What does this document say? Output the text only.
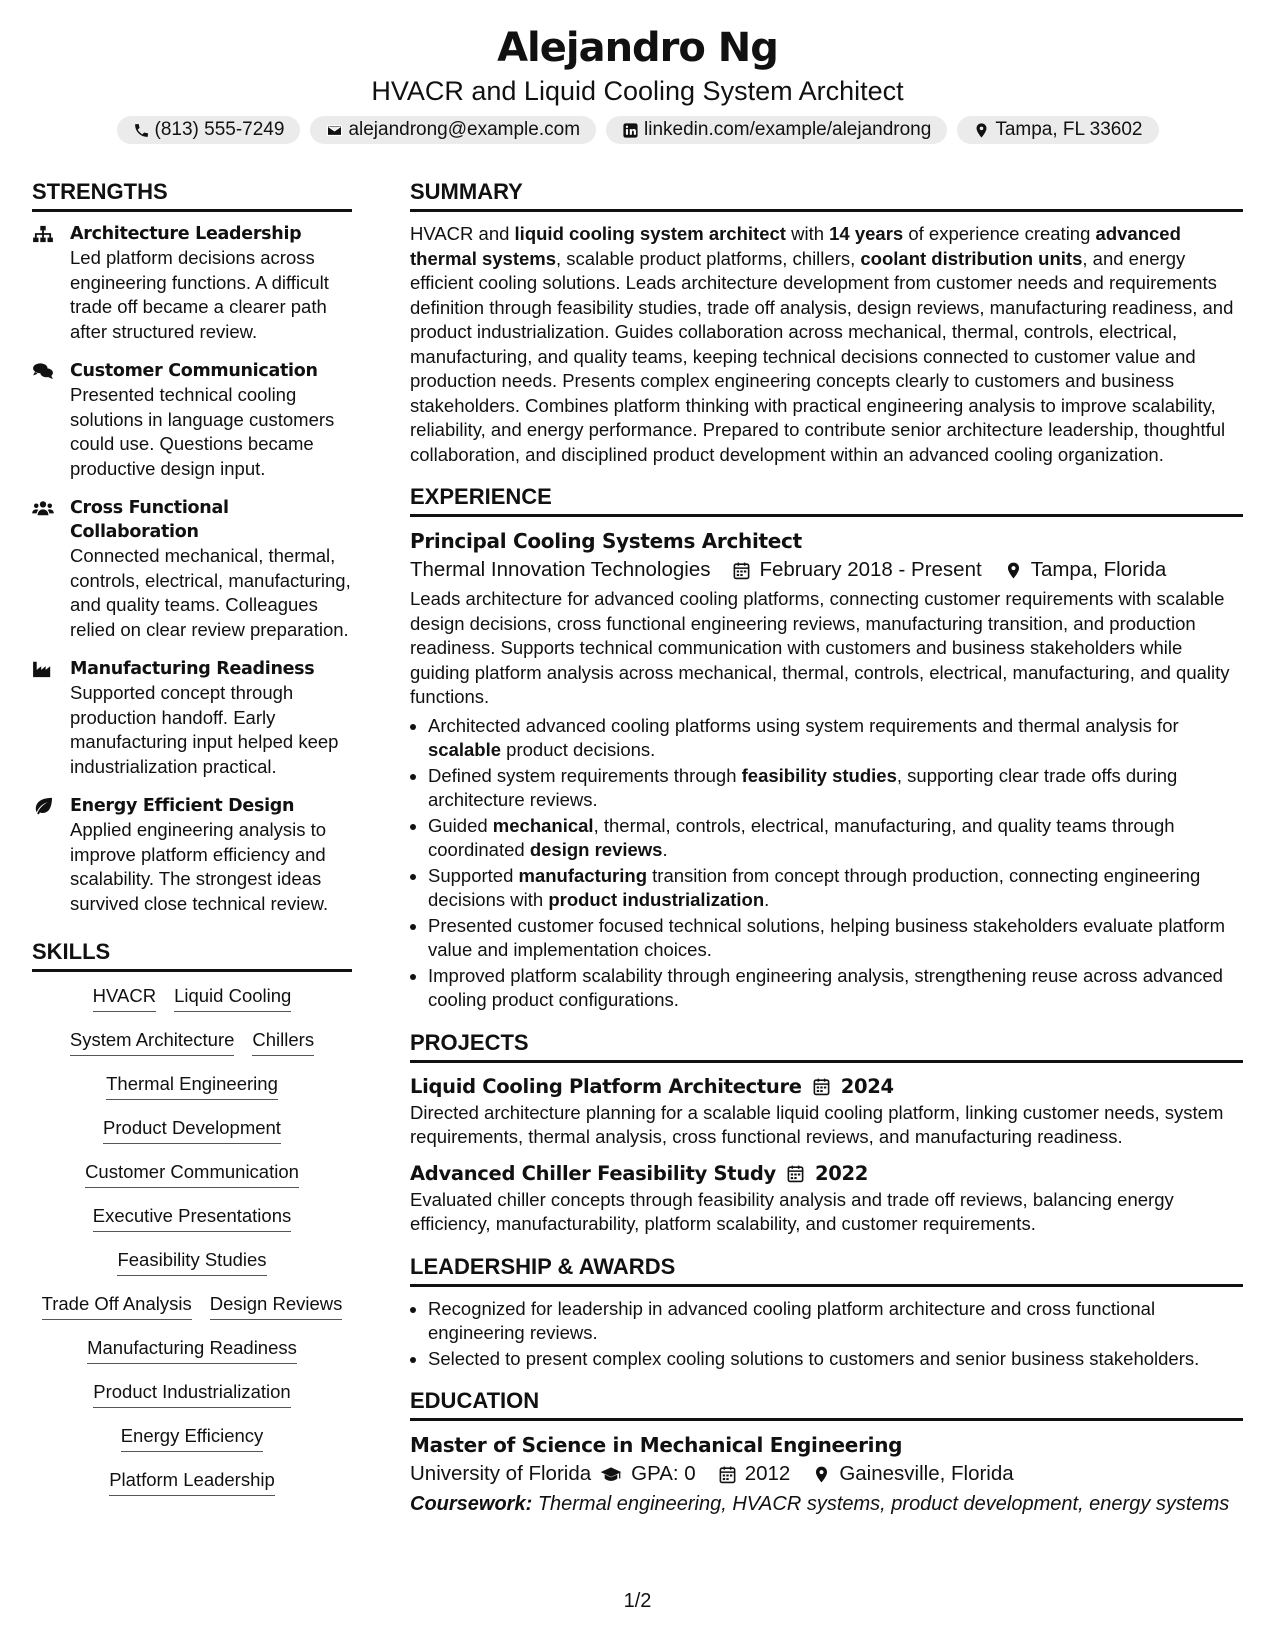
Alejandro Ng

HVACR and Liquid Cooling System Architect

(813) 555-7249	alejandrong@example.com	linkedin.com/example/alejandrong	Tampa, FL 33602
STRENGTHS
Architecture Leadership
Led platform decisions across engineering functions. A difficult trade off became a clearer path after structured review.
Customer Communication
Presented technical cooling solutions in language customers could use. Questions became productive design input.
Cross Functional Collaboration
Connected mechanical, thermal, controls, electrical, manufacturing, and quality teams. Colleagues relied on clear review preparation.
Manufacturing Readiness
Supported concept through production handoff. Early manufacturing input helped keep industrialization practical.
Energy Efficient Design
Applied engineering analysis to improve platform efficiency and scalability. The strongest ideas survived close technical review.
SKILLS
HVACR Liquid Cooling
System Architecture Chillers
Thermal Engineering
Product Development
Customer Communication
Executive Presentations
Feasibility Studies
Trade Off Analysis Design Reviews
Manufacturing Readiness
Product Industrialization
Energy Efficiency
Platform Leadership
SUMMARY

HVACR and liquid cooling system architect with 14 years of experience creating advanced thermal systems, scalable product platforms, chillers, coolant distribution units, and energy efficient cooling solutions. Leads architecture development from customer needs and requirements definition through feasibility studies, trade off analysis, design reviews, manufacturing readiness, and product industrialization. Guides collaboration across mechanical, thermal, controls, electrical, manufacturing, and quality teams, keeping technical decisions connected to customer value and production needs. Presents complex engineering concepts clearly to customers and business stakeholders. Combines platform thinking with practical engineering analysis to improve scalability, reliability, and energy performance. Prepared to contribute senior architecture leadership, thoughtful collaboration, and disciplined product development within an advanced cooling organization.

EXPERIENCE
Principal Cooling Systems Architect
Thermal Innovation Technologies February 2018 - Present Tampa, Florida

Leads architecture for advanced cooling platforms, connecting customer requirements with scalable design decisions, cross functional engineering reviews, manufacturing transition, and production readiness. Supports technical communication with customers and business stakeholders while guiding platform analysis across mechanical, thermal, controls, electrical, manufacturing, and quality functions.

• Architected advanced cooling platforms using system requirements and thermal analysis for scalable product decisions.
• Defined system requirements through feasibility studies, supporting clear trade offs during architecture reviews.
• Guided mechanical, thermal, controls, electrical, manufacturing, and quality teams through coordinated design reviews.
• Supported manufacturing transition from concept through production, connecting engineering decisions with product industrialization.
• Presented customer focused technical solutions, helping business stakeholders evaluate platform value and implementation choices.
• Improved platform scalability through engineering analysis, strengthening reuse across advanced cooling product configurations.
PROJECTS
Liquid Cooling Platform Architecture 2024

Directed architecture planning for a scalable liquid cooling platform, linking customer needs, system requirements, thermal analysis, cross functional reviews, and manufacturing readiness.

Advanced Chiller Feasibility Study 2022

Evaluated chiller concepts through feasibility analysis and trade off reviews, balancing energy efficiency, manufacturability, platform scalability, and customer requirements.

LEADERSHIP & AWARDS
• Recognized for leadership in advanced cooling platform architecture and cross functional engineering reviews.
• Selected to present complex cooling solutions to customers and senior business stakeholders.
EDUCATION
Master of Science in Mechanical Engineering
University of Florida GPA: 0 2012 Gainesville, Florida
Coursework: Thermal engineering, HVACR systems, product development, energy systems
1/2
